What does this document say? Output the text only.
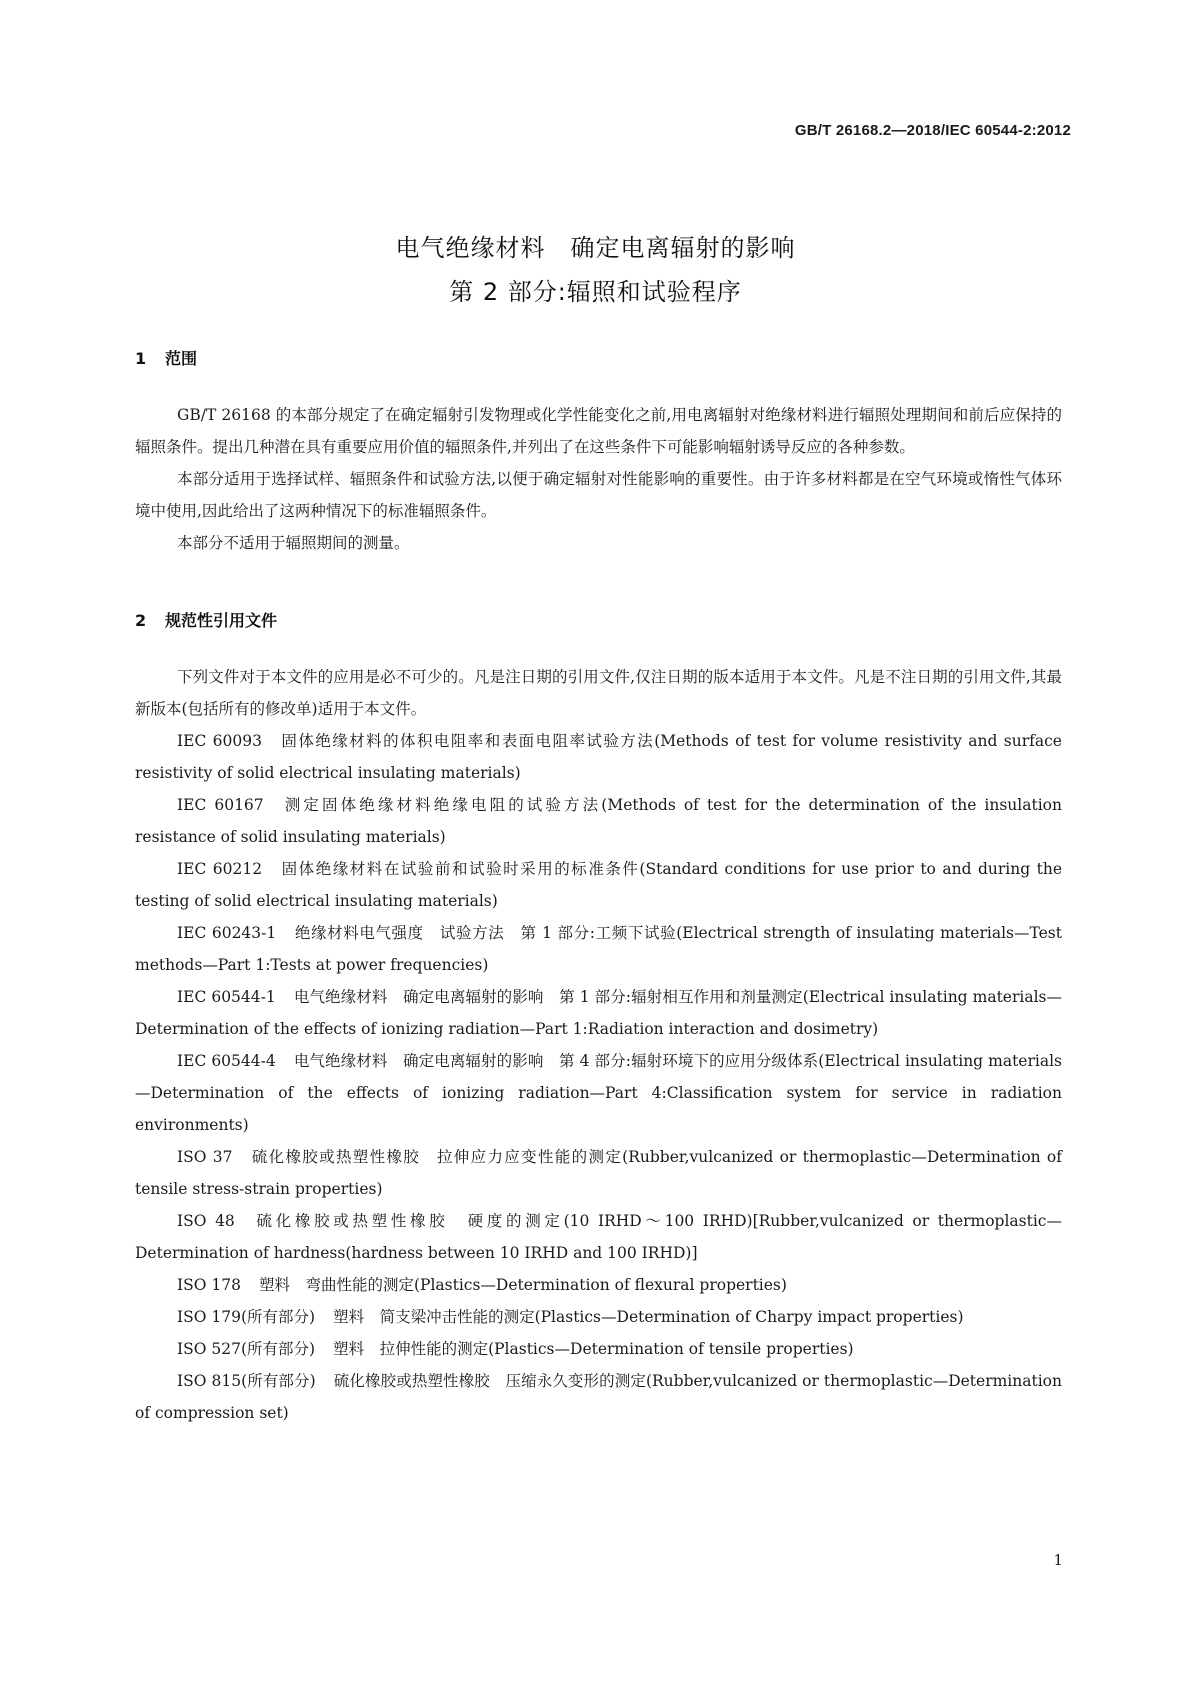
GB/T 26168.2—2018/IEC 60544-2:2012
电气绝缘材料　确定电离辐射的影响
第 2 部分:辐照和试验程序
1 范围

GB/T 26168 的本部分规定了在确定辐射引发物理或化学性能变化之前,用电离辐射对绝缘材料进行辐照处理期间和前后应保持的辐照条件。提出几种潜在具有重要应用价值的辐照条件,并列出了在这些条件下可能影响辐射诱导反应的各种参数。

本部分适用于选择试样、辐照条件和试验方法,以便于确定辐射对性能影响的重要性。由于许多材料都是在空气环境或惰性气体环境中使用,因此给出了这两种情况下的标准辐照条件。

本部分不适用于辐照期间的测量。

2 规范性引用文件

下列文件对于本文件的应用是必不可少的。凡是注日期的引用文件,仅注日期的版本适用于本文件。凡是不注日期的引用文件,其最新版本(包括所有的修改单)适用于本文件。

IEC 60093 固体绝缘材料的体积电阻率和表面电阻率试验方法(Methods of test for volume resistivity and surface resistivity of solid electrical insulating materials)

IEC 60167 测定固体绝缘材料绝缘电阻的试验方法(Methods of test for the determination of the insulation resistance of solid insulating materials)

IEC 60212 固体绝缘材料在试验前和试验时采用的标准条件(Standard conditions for use prior to and during the testing of solid electrical insulating materials)

IEC 60243-1 绝缘材料电气强度　试验方法　第 1 部分:工频下试验(Electrical strength of insulating materials—Test methods—Part 1:Tests at power frequencies)

IEC 60544-1 电气绝缘材料　确定电离辐射的影响　第 1 部分:辐射相互作用和剂量测定(Electrical insulating materials—Determination of the effects of ionizing radiation—Part 1:Radiation interaction and dosimetry)

IEC 60544-4 电气绝缘材料　确定电离辐射的影响　第 4 部分:辐射环境下的应用分级体系(Electrical insulating materials—Determination of the effects of ionizing radiation—Part 4:Classification system for service in radiation environments)

ISO 37 硫化橡胶或热塑性橡胶　拉伸应力应变性能的测定(Rubber,vulcanized or thermoplastic—Determination of tensile stress-strain properties)

ISO 48 硫化橡胶或热塑性橡胶　硬度的测定(10 IRHD～100 IRHD)[Rubber,vulcanized or thermoplastic—Determination of hardness(hardness between 10 IRHD and 100 IRHD)]

ISO 178 塑料　弯曲性能的测定(Plastics—Determination of flexural properties)

ISO 179(所有部分) 塑料　简支梁冲击性能的测定(Plastics—Determination of Charpy impact properties)

ISO 527(所有部分) 塑料　拉伸性能的测定(Plastics—Determination of tensile properties)

ISO 815(所有部分) 硫化橡胶或热塑性橡胶　压缩永久变形的测定(Rubber,vulcanized or thermoplastic—Determination of compression set)

1
